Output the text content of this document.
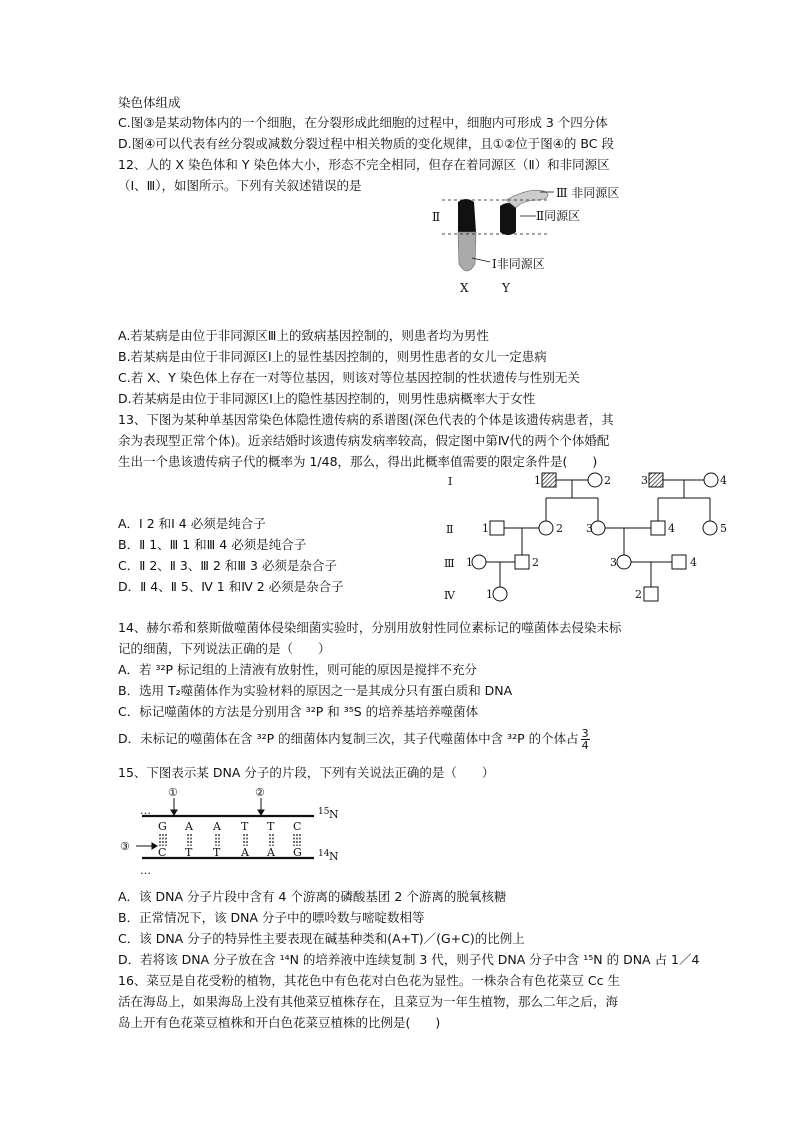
染色体组成
C.图③是某动物体内的一个细胞，在分裂形成此细胞的过程中，细胞内可形成 3 个四分体
D.图④可以代表有丝分裂或减数分裂过程中相关物质的变化规律，且①②位于图④的 BC 段
12、人的 X 染色体和 Y 染色体大小，形态不完全相同，但存在着同源区（Ⅱ）和非同源区
（Ⅰ、Ⅲ），如图所示。下列有关叙述错误的是	Ⅲ 非同源区
Ⅱ同源区
Ⅱ
Ⅰ非同源区
X	Y
A.若某病是由位于非同源区Ⅲ上的致病基因控制的，则患者均为男性
B.若某病是由位于非同源区Ⅰ上的显性基因控制的，则男性患者的女儿一定患病
C.若 X、Y 染色体上存在一对等位基因，则该对等位基因控制的性状遗传与性别无关
D.若某病是由位于非同源区Ⅰ上的隐性基因控制的，则男性患病概率大于女性
13、下图为某种单基因常染色体隐性遗传病的系谱图(深色代表的个体是该遗传病患者，其
余为表现型正常个体)。近亲结婚时该遗传病发病率较高，假定图中第Ⅳ代的两个个体婚配
生出一个患该遗传病子代的概率为 1/48，那么，得出此概率值需要的限定条件是(　　)
Ⅰ
Ⅱ
Ⅲ
Ⅳ
1	2	3	4
1	2 3	4	5
1	2	3	4
1	2
A．Ⅰ 2 和Ⅰ 4 必须是纯合子
B．Ⅱ 1、Ⅲ 1 和Ⅲ 4 必须是纯合子
C．Ⅱ 2、Ⅱ 3、Ⅲ 2 和Ⅲ 3 必须是杂合子
D．Ⅱ 4、Ⅱ 5、Ⅳ 1 和Ⅳ 2 必须是杂合子
14、赫尔希和蔡斯做噬菌体侵染细菌实验时，分别用放射性同位素标记的噬菌体去侵染未标
记的细菌，下列说法正确的是（　　）
A．若 ³²P 标记组的上清液有放射性，则可能的原因是搅拌不充分
B．选用 T₂噬菌体作为实验材料的原因之一是其成分只有蛋白质和 DNA
C．标记噬菌体的方法是分别用含 ³²P 和 ³⁵S 的培养基培养噬菌体
D．未标记的噬菌体在含 ³²P 的细菌体内复制三次，其子代噬菌体中含 ³²P 的个体占 $\frac{3}{4}$
15、下图表示某 DNA 分子的片段，下列有关说法正确的是（　　）
①	②
③
…
…
15 N
14 N
G A A T T C
C T T A A G
A．该 DNA 分子片段中含有 4 个游离的磷酸基团 2 个游离的脱氧核糖
B．正常情况下，该 DNA 分子中的嘌呤数与嘧啶数相等
C．该 DNA 分子的特异性主要表现在碱基种类和(A+T)／(G+C)的比例上
D．若将该 DNA 分子放在含 ¹⁴N 的培养液中连续复制 3 代，则子代 DNA 分子中含 ¹⁵N 的 DNA 占 1／4
16、菜豆是自花受粉的植物，其花色中有色花对白色花为显性。一株杂合有色花菜豆 Cc 生
活在海岛上，如果海岛上没有其他菜豆植株存在，且菜豆为一年生植物，那么二年之后，海
岛上开有色花菜豆植株和开白色花菜豆植株的比例是(　　)
